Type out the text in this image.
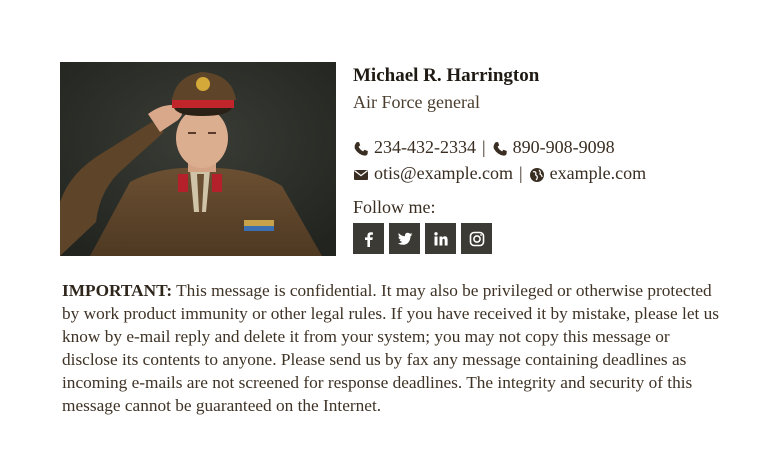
Michael R. Harrington
Air Force general
234-432-2334 | 890-908-9098
otis@example.com | example.com
Follow me:
IMPORTANT: This message is confidential. It may also be privileged or otherwise protected by work product immunity or other legal rules. If you have received it by mistake, please let us know by e-mail reply and delete it from your system; you may not copy this message or disclose its contents to anyone. Please send us by fax any message containing deadlines as incoming e-mails are not screened for response deadlines. The integrity and security of this message cannot be guaranteed on the Internet.
